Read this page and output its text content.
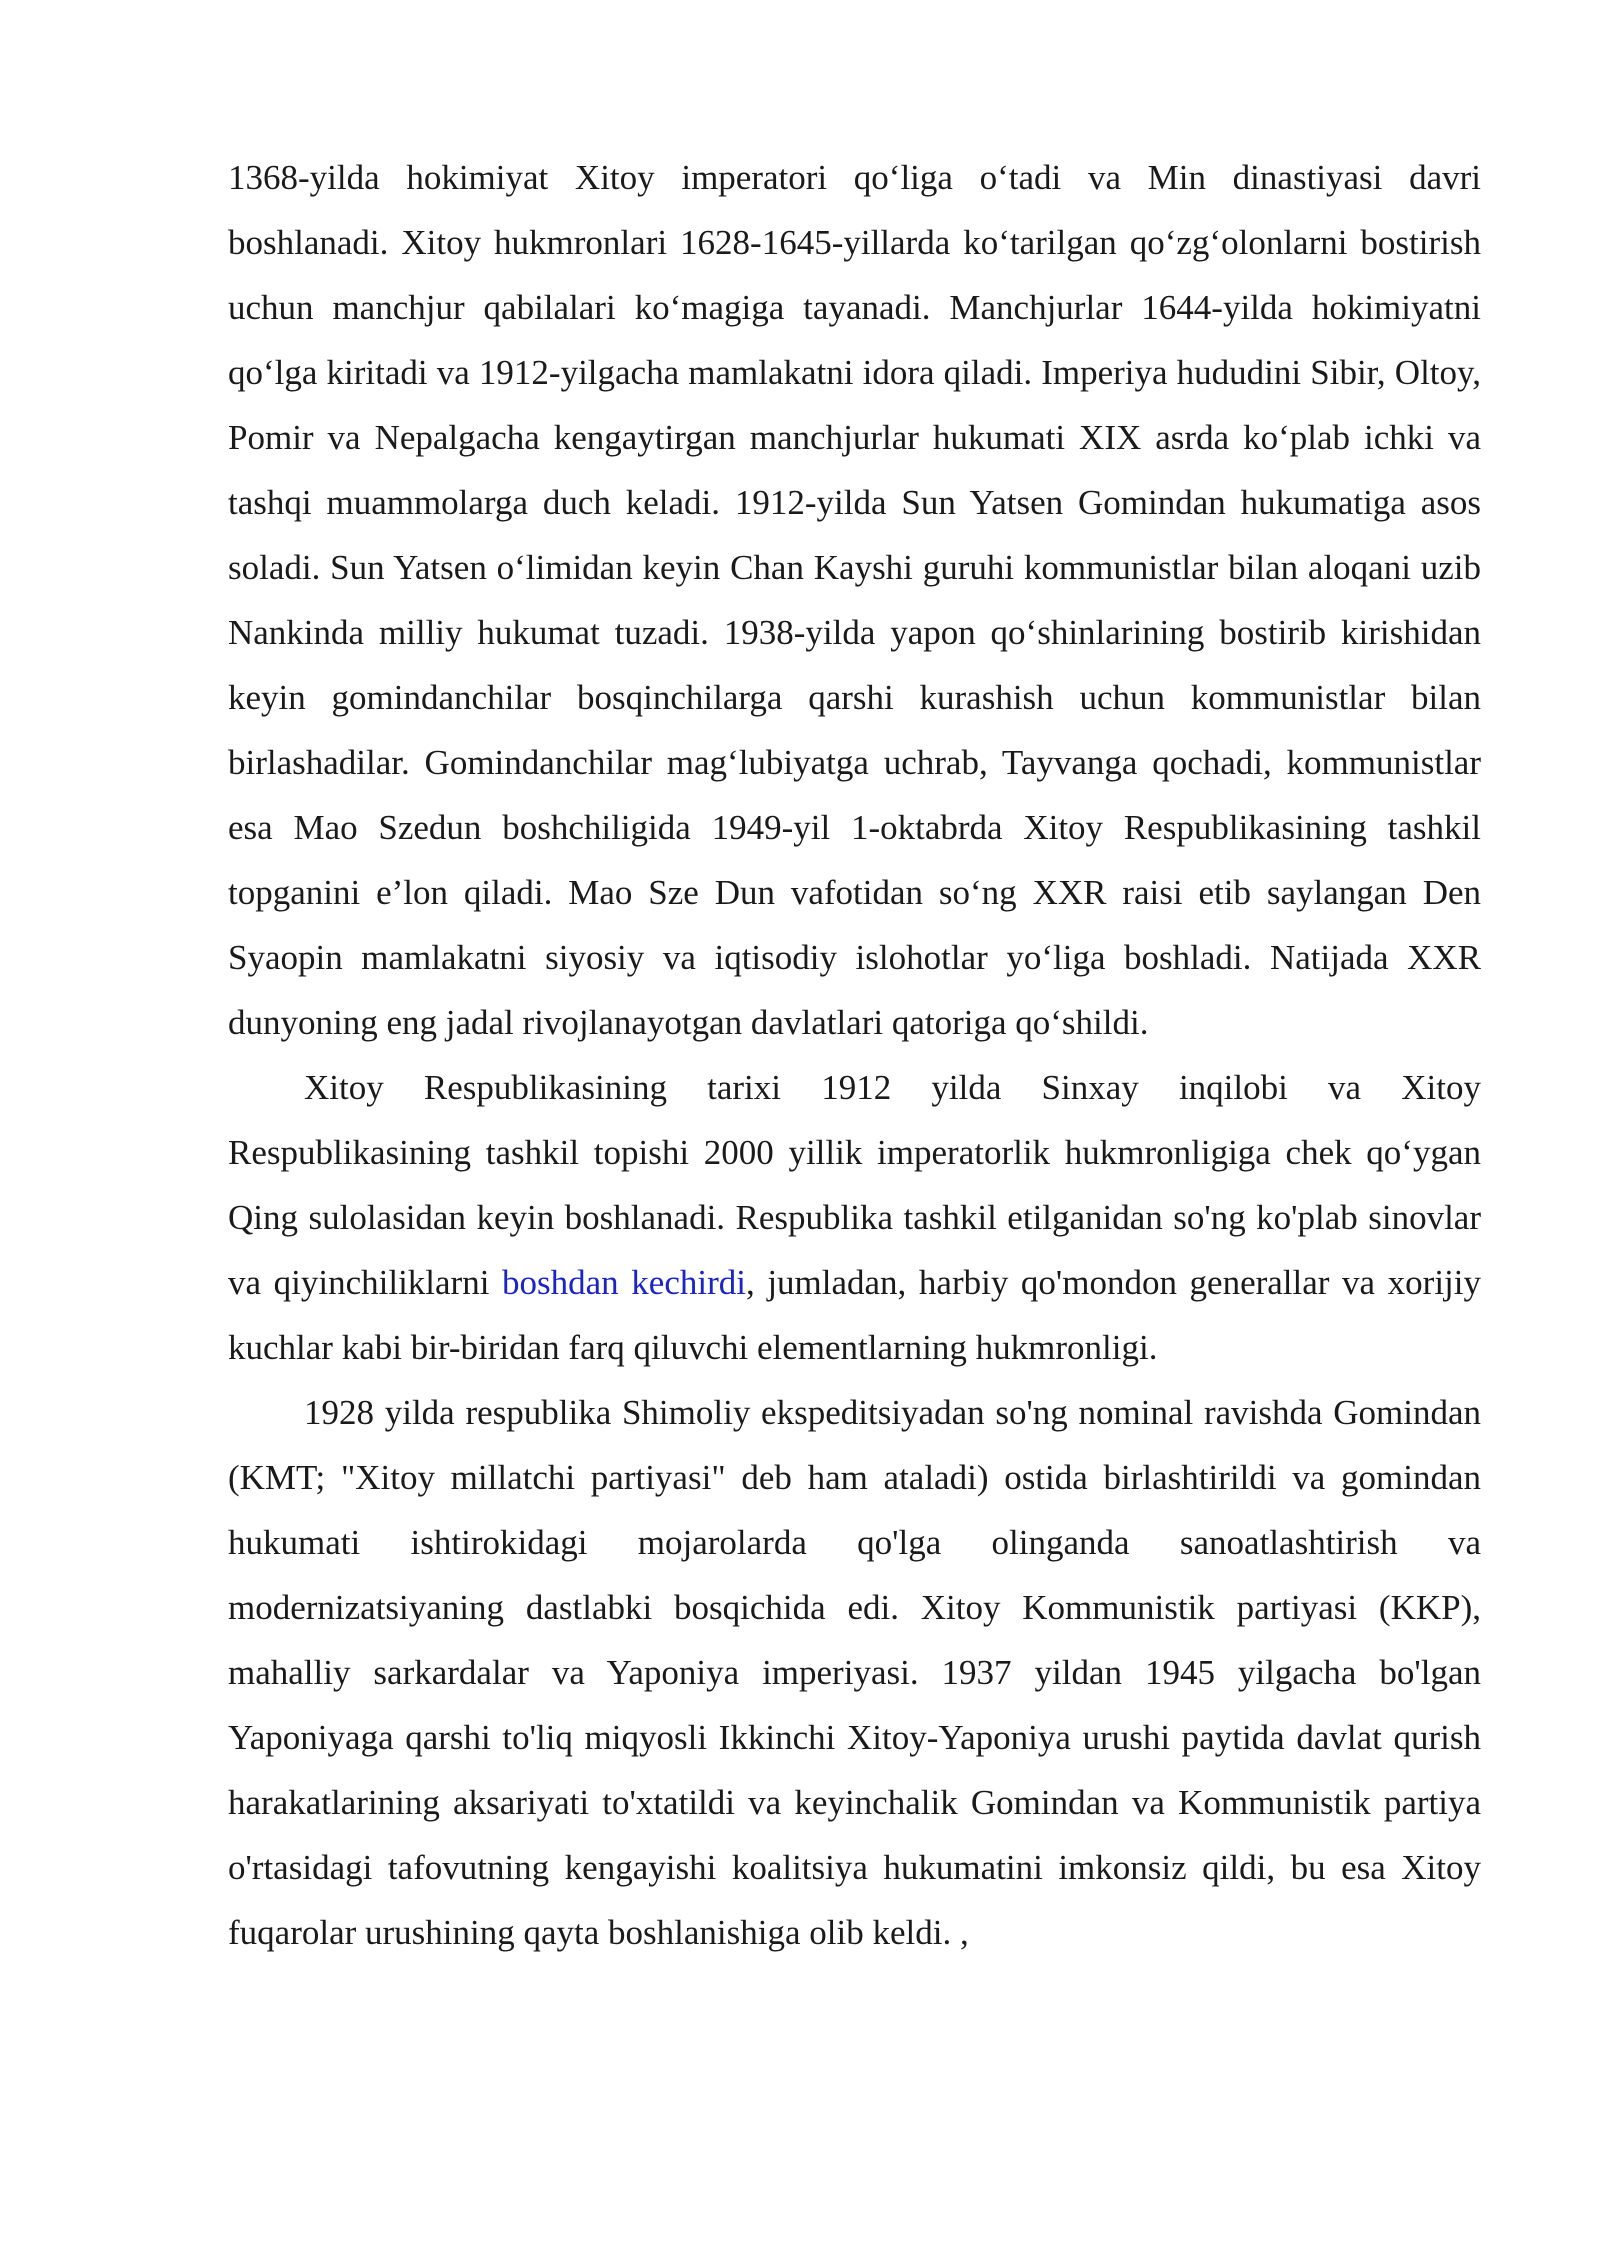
1368-yilda hokimiyat Xitoy imperatori qo‘liga o‘tadi va Min dinastiyasi davri boshlanadi. Xitoy hukmronlari 1628-1645-yillarda ko‘tarilgan qo‘zg‘olonlarni bostirish uchun manchjur qabilalari ko‘magiga tayanadi. Manchjurlar 1644-yilda hokimiyatni qo‘lga kiritadi va 1912-yilgacha mamlakatni idora qiladi. Imperiya hududini Sibir, Oltoy, Pomir va Nepalgacha kengaytirgan manchjurlar hukumati XIX asrda ko‘plab ichki va tashqi muammolarga duch keladi. 1912-yilda Sun Yatsen Gomindan hukumatiga asos soladi. Sun Yatsen o‘limidan keyin Chan Kayshi guruhi kommunistlar bilan aloqani uzib Nankinda milliy hukumat tuzadi. 1938-yilda yapon qo‘shinlarining bostirib kirishidan keyin gomindanchilar bosqinchilarga qarshi kurashish uchun kommunistlar bilan birlashadilar. Gomindanchilar mag‘lubiyatga uchrab, Tayvanga qochadi, kommunistlar esa Mao Szedun boshchiligida 1949-yil 1-oktabrda Xitoy Respublikasining tashkil topganini e’lon qiladi. Mao Sze Dun vafotidan so‘ng XXR raisi etib saylangan Den Syaopin mamlakatni siyosiy va iqtisodiy islohotlar yo‘liga boshladi. Natijada XXR dunyoning eng jadal rivojlanayotgan davlatlari qatoriga qo‘shildi.

Xitoy Respublikasining tarixi 1912 yilda Sinxay inqilobi va Xitoy Respublikasining tashkil topishi 2000 yillik imperatorlik hukmronligiga chek qo‘ygan Qing sulolasidan keyin boshlanadi. Respublika tashkil etilganidan so'ng ko'plab sinovlar va qiyinchiliklarni boshdan kechirdi, jumladan, harbiy qo'mondon generallar va xorijiy kuchlar kabi bir-biridan farq qiluvchi elementlarning hukmronligi.

1928 yilda respublika Shimoliy ekspeditsiyadan so'ng nominal ravishda Gomindan (KMT; "Xitoy millatchi partiyasi" deb ham ataladi) ostida birlashtirildi va gomindan hukumati ishtirokidagi mojarolarda qo'lga olinganda sanoatlashtirish va modernizatsiyaning dastlabki bosqichida edi. Xitoy Kommunistik partiyasi (KKP), mahalliy sarkardalar va Yaponiya imperiyasi. 1937 yildan 1945 yilgacha bo'lgan Yaponiyaga qarshi to'liq miqyosli Ikkinchi Xitoy-Yaponiya urushi paytida davlat qurish harakatlarining aksariyati to'xtatildi va keyinchalik Gomindan va Kommunistik partiya o'rtasidagi tafovutning kengayishi koalitsiya hukumatini imkonsiz qildi, bu esa Xitoy fuqarolar urushining qayta boshlanishiga olib keldi. ,
